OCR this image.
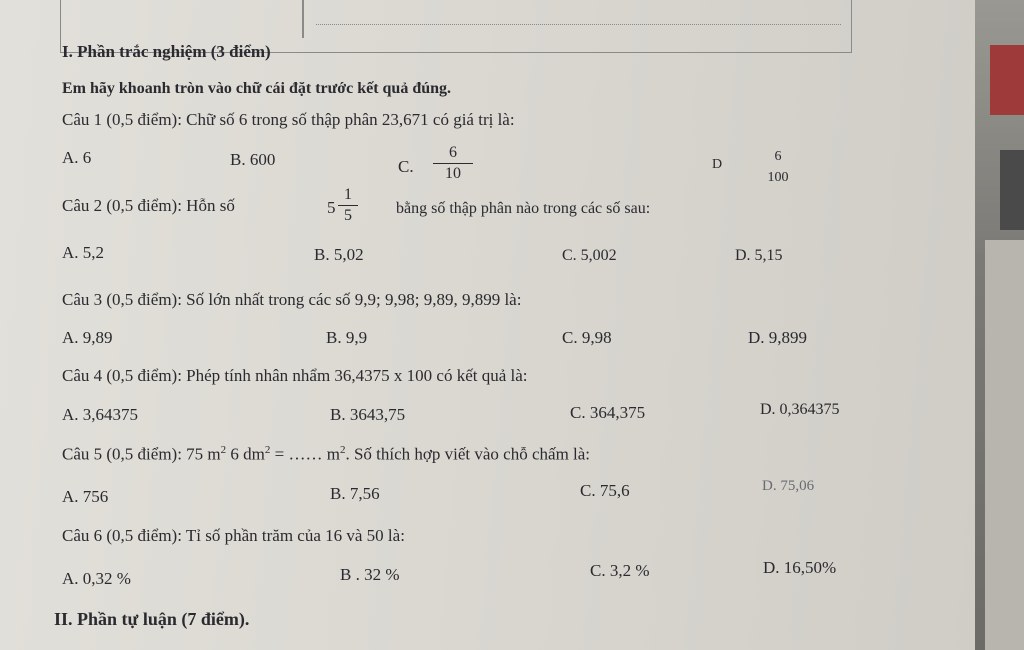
I. Phần trắc nghiệm (3 điểm)
Em hãy khoanh tròn vào chữ cái đặt trước kết quả đúng.
Câu 1 (0,5 điểm): Chữ số 6 trong số thập phân 23,671 có giá trị là:
A. 6	B. 600	C.
6
10
D
6
100
Câu 2 (0,5 điểm): Hỗn số	5
1
5	bằng số thập phân nào trong các số sau:
A. 5,2	B. 5,02	C. 5,002	D. 5,15
Câu 3 (0,5 điểm): Số lớn nhất trong các số 9,9; 9,98; 9,89, 9,899 là:
A. 9,89	B. 9,9	C. 9,98	D. 9,899
Câu 4 (0,5 điểm): Phép tính nhân nhẩm 36,4375 x 100 có kết quả là:
A. 3,64375	B. 3643,75	C. 364,375	D. 0,364375
Câu 5 (0,5 điểm): 75 $m^2$ 6 $dm^2$ = …… $m^2$. Số thích hợp viết vào chỗ chấm là:
A. 756	B. 7,56	C. 75,6	D. 75,06
Câu 6 (0,5 điểm): Tỉ số phần trăm của 16 và 50 là:
A. 0,32 %	B . 32 %	C. 3,2 %	D. 16,50%
II. Phần tự luận (7 điểm).
